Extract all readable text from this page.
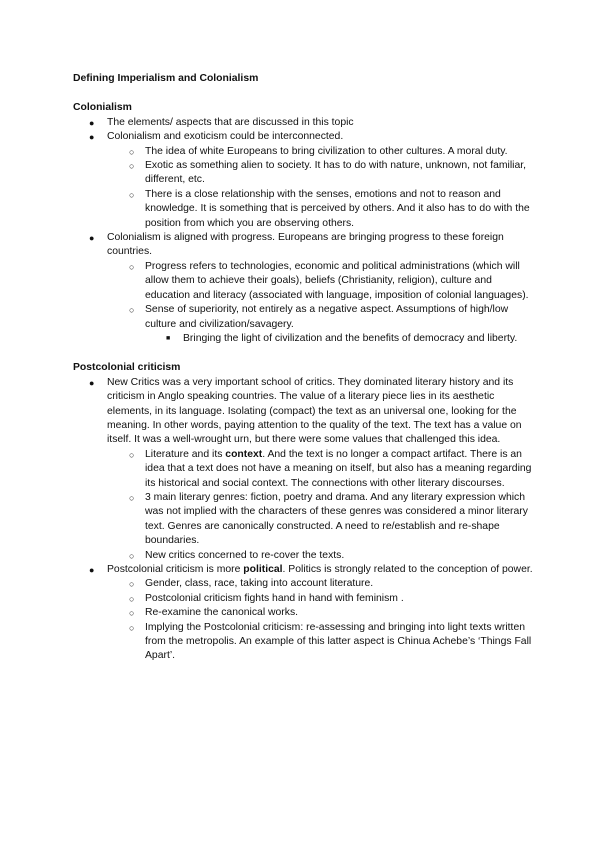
Defining Imperialism and Colonialism
Colonialism
● The elements/ aspects that are discussed in this topic
● Colonialism and exoticism could be interconnected.
○ The idea of white Europeans to bring civilization to other cultures. A moral duty.
○ Exotic as something alien to society. It has to do with nature, unknown, not familiar, different, etc.
○ There is a close relationship with the senses, emotions and not to reason and knowledge. It is something that is perceived by others. And it also has to do with the position from which you are observing others.
● Colonialism is aligned with progress. Europeans are bringing progress to these foreign countries.
○ Progress refers to technologies, economic and political administrations (which will allow them to achieve their goals), beliefs (Christianity, religion), culture and education and literacy (associated with language, imposition of colonial languages).
○ Sense of superiority, not entirely as a negative aspect. Assumptions of high/low culture and civilization/savagery.
■ Bringing the light of civilization and the benefits of democracy and liberty.
Postcolonial criticism
● New Critics was a very important school of critics. They dominated literary history and its criticism in Anglo speaking countries. The value of a literary piece lies in its aesthetic elements, in its language. Isolating (compact) the text as an universal one, looking for the meaning. In other words, paying attention to the quality of the text. The text has a value on itself. It was a well-wrought urn, but there were some values that challenged this idea.
○ Literature and its context. And the text is no longer a compact artifact. There is an idea that a text does not have a meaning on itself, but also has a meaning regarding its historical and social context. The connections with other literary discourses.
○ 3 main literary genres: fiction, poetry and drama. And any literary expression which was not implied with the characters of these genres was considered a minor literary text. Genres are canonically constructed. A need to re/establish and re-shape boundaries.
○ New critics concerned to re-cover the texts.
● Postcolonial criticism is more political. Politics is strongly related to the conception of power.
○ Gender, class, race, taking into account literature.
○ Postcolonial criticism fights hand in hand with feminism .
○ Re-examine the canonical works.
○ Implying the Postcolonial criticism: re-assessing and bringing into light texts written from the metropolis. An example of this latter aspect is Chinua Achebe’s ‘Things Fall Apart’.
